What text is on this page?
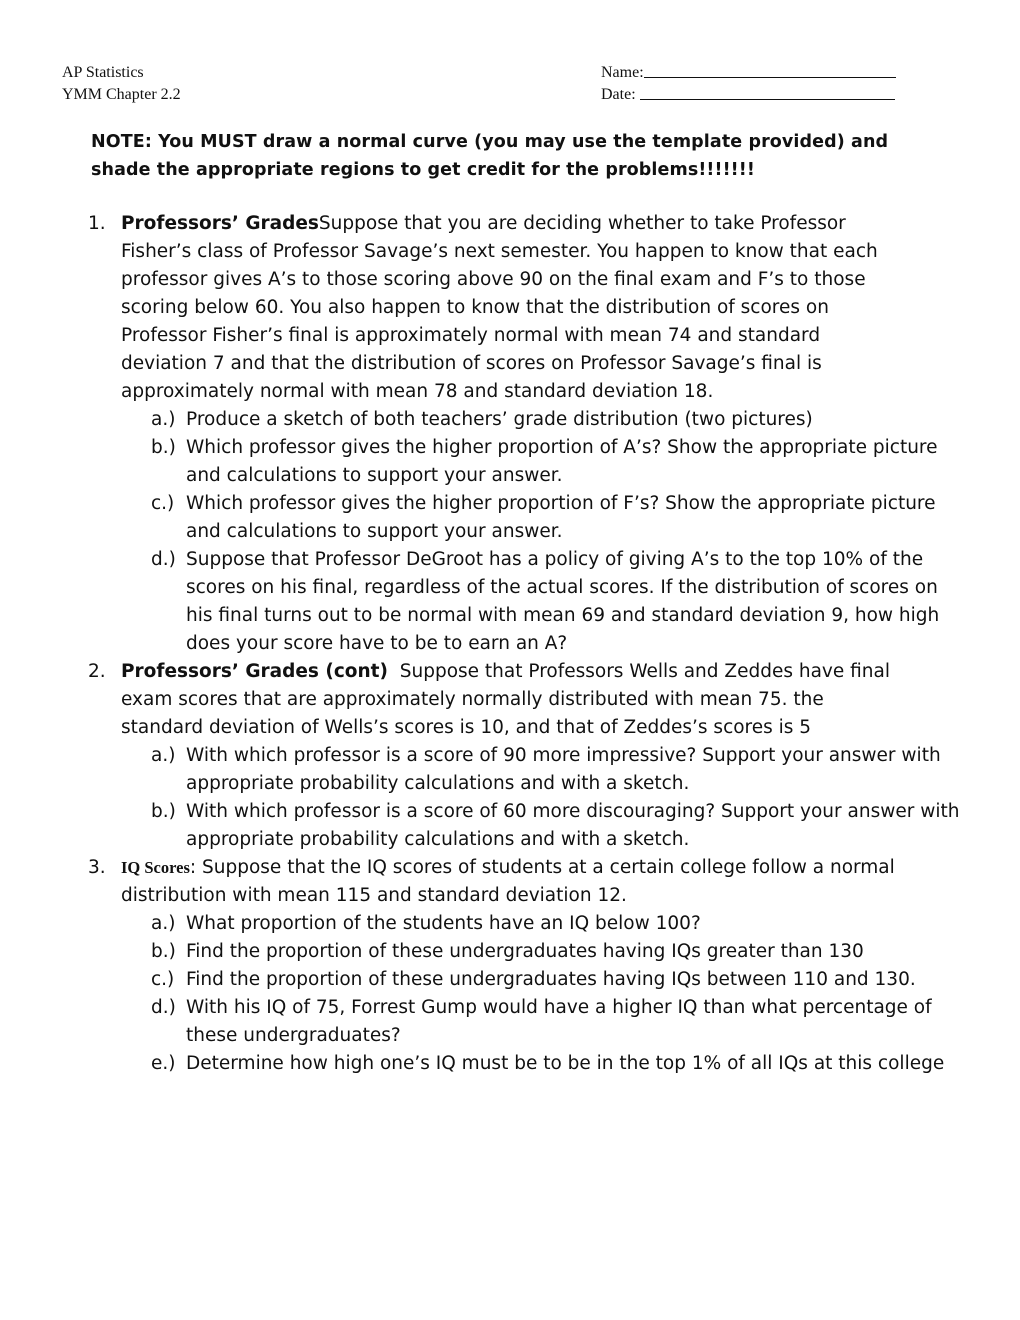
AP Statistics
YMM Chapter 2.2
Name:
Date:
NOTE: You MUST draw a normal curve (you may use the template provided) and shade the appropriate regions to get credit for the problems!!!!!!!
1. Professors’ GradesSuppose that you are deciding whether to take Professor Fisher’s class of Professor Savage’s next semester. You happen to know that each professor gives A’s to those scoring above 90 on the final exam and F’s to those scoring below 60. You also happen to know that the distribution of scores on Professor Fisher’s final is approximately normal with mean 74 and standard deviation 7 and that the distribution of scores on Professor Savage’s final is approximately normal with mean 78 and standard deviation 18.
a.) Produce a sketch of both teachers’ grade distribution (two pictures)
b.) Which professor gives the higher proportion of A’s? Show the appropriate picture and calculations to support your answer.
c.) Which professor gives the higher proportion of F’s? Show the appropriate picture and calculations to support your answer.
d.) Suppose that Professor DeGroot has a policy of giving A’s to the top 10% of the scores on his final, regardless of the actual scores. If the distribution of scores on his final turns out to be normal with mean 69 and standard deviation 9, how high does your score have to be to earn an A?
2. Professors’ Grades (cont) Suppose that Professors Wells and Zeddes have final exam scores that are approximately normally distributed with mean 75. the standard deviation of Wells’s scores is 10, and that of Zeddes’s scores is 5
a.) With which professor is a score of 90 more impressive? Support your answer with appropriate probability calculations and with a sketch.
b.) With which professor is a score of 60 more discouraging? Support your answer with appropriate probability calculations and with a sketch.
3. IQ Scores: Suppose that the IQ scores of students at a certain college follow a normal distribution with mean 115 and standard deviation 12.
a.) What proportion of the students have an IQ below 100?
b.) Find the proportion of these undergraduates having IQs greater than 130
c.) Find the proportion of these undergraduates having IQs between 110 and 130.
d.) With his IQ of 75, Forrest Gump would have a higher IQ than what percentage of these undergraduates?
e.) Determine how high one’s IQ must be to be in the top 1% of all IQs at this college
